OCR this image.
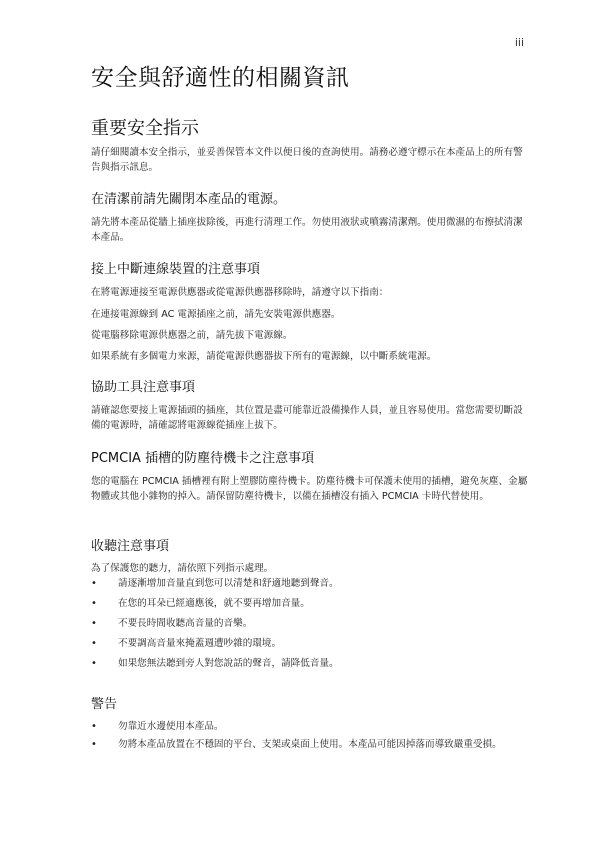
iii
安全與舒適性的相關資訊
重要安全指示

請仔細閱讀本安全指示，並妥善保管本文件以便日後的查詢使用。請務必遵守標示在本產品上的所有警告與指示訊息。

在清潔前請先關閉本產品的電源。

請先將本產品從牆上插座拔除後，再進行清理工作。勿使用液狀或噴霧清潔劑。使用微濕的布擦拭清潔本產品。

接上中斷連線裝置的注意事項

在將電源連接至電源供應器或從電源供應器移除時，請遵守以下指南：

在連接電源線到 AC 電源插座之前，請先安裝電源供應器。

從電腦移除電源供應器之前，請先拔下電源線。

如果系統有多個電力來源，請從電源供應器拔下所有的電源線，以中斷系統電源。

協助工具注意事項

請確認您要接上電源插頭的插座，其位置是盡可能靠近設備操作人員，並且容易使用。當您需要切斷設備的電源時，請確認將電源線從插座上拔下。

PCMCIA 插槽的防塵待機卡之注意事項

您的電腦在 PCMCIA 插槽裡有附上塑膠防塵待機卡。防塵待機卡可保護未使用的插槽，避免灰塵、金屬物體或其他小雜物的掉入。請保留防塵待機卡，以備在插槽沒有插入 PCMCIA 卡時代替使用。

收聽注意事項

為了保護您的聽力，請依照下列指示處理。

• 請逐漸增加音量直到您可以清楚和舒適地聽到聲音。
• 在您的耳朵已經適應後，就不要再增加音量。
• 不要長時間收聽高音量的音樂。
• 不要調高音量來掩蓋週遭吵雜的環境。
• 如果您無法聽到旁人對您說話的聲音，請降低音量。
警告
• 勿靠近水邊使用本產品。
• 勿將本產品放置在不穩固的平台、支架或桌面上使用。本產品可能因掉落而導致嚴重受損。
